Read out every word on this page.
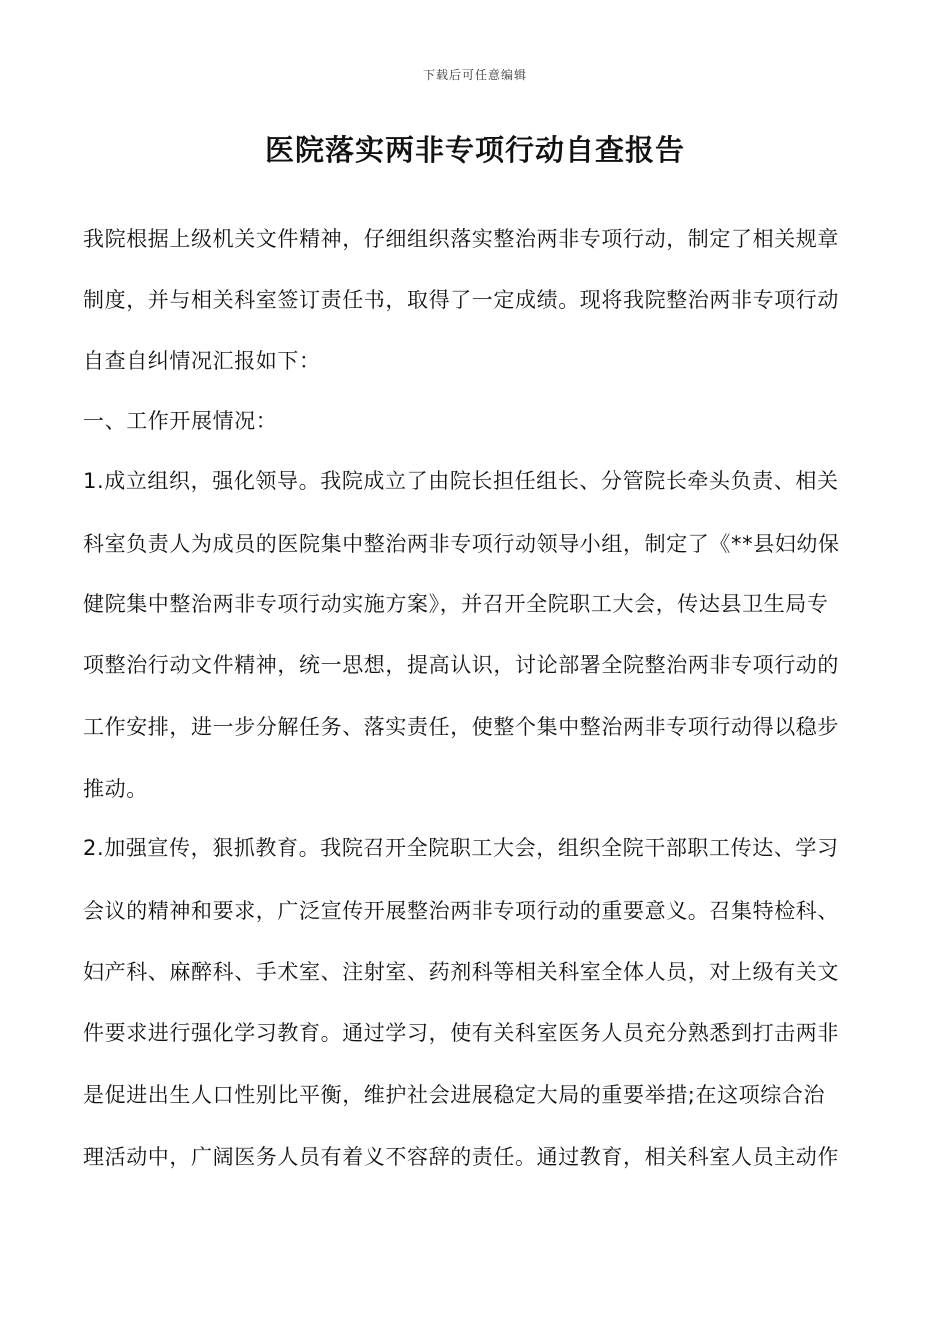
下载后可任意编辑
医院落实两非专项行动自查报告

我院根据上级机关文件精神，仔细组织落实整治两非专项行动，制定了相关规章

制度，并与相关科室签订责任书，取得了一定成绩。现将我院整治两非专项行动

自查自纠情况汇报如下：

一、工作开展情况：

1.成立组织，强化领导。我院成立了由院长担任组长、分管院长牵头负责、相关

科室负责人为成员的医院集中整治两非专项行动领导小组，制定了《**县妇幼保

健院集中整治两非专项行动实施方案》，并召开全院职工大会，传达县卫生局专

项整治行动文件精神，统一思想，提高认识，讨论部署全院整治两非专项行动的

工作安排，进一步分解任务、落实责任，使整个集中整治两非专项行动得以稳步

推动。

2.加强宣传，狠抓教育。我院召开全院职工大会，组织全院干部职工传达、学习

会议的精神和要求，广泛宣传开展整治两非专项行动的重要意义。召集特检科、

妇产科、麻醉科、手术室、注射室、药剂科等相关科室全体人员，对上级有关文

件要求进行强化学习教育。通过学习，使有关科室医务人员充分熟悉到打击两非

是促进出生人口性别比平衡，维护社会进展稳定大局的重要举措;在这项综合治

理活动中，广阔医务人员有着义不容辞的责任。通过教育，相关科室人员主动作
